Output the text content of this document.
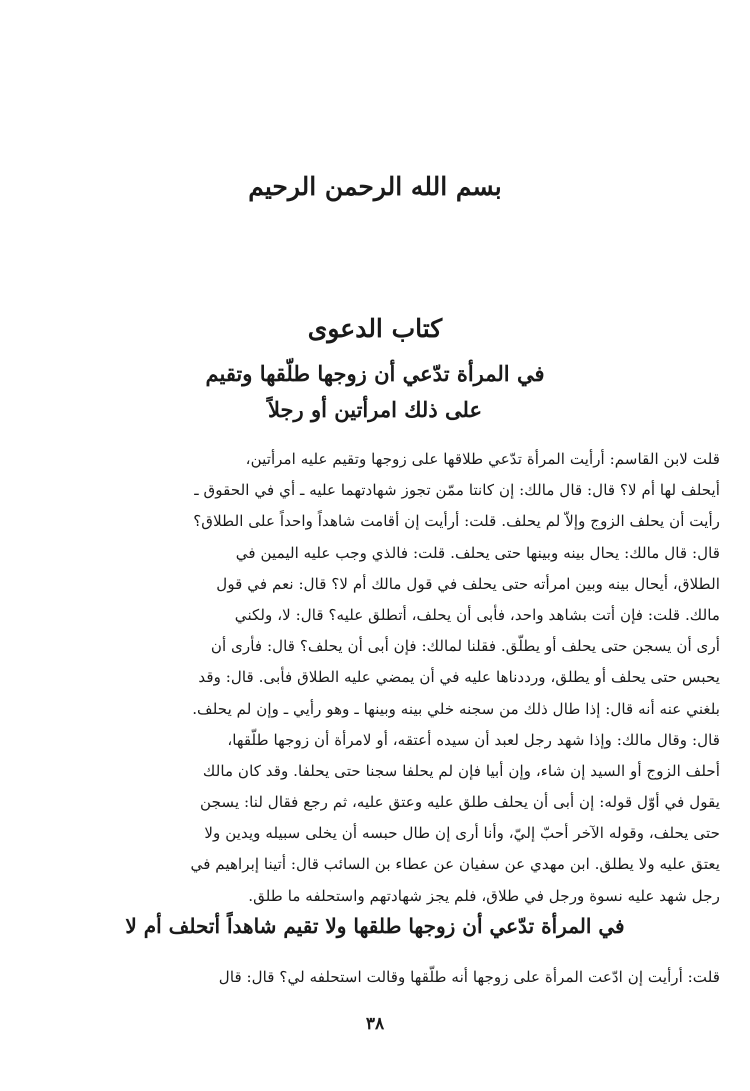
بسم الله الرحمن الرحيم
كتاب الدعوى
في المرأة تدّعي أن زوجها طلّقها وتقيم
على ذلك امرأتين أو رجلاً
قلت لابن القاسم: أرأيت المرأة تدّعي طلاقها على زوجها وتقيم عليه امرأتين،
أيحلف لها أم لا؟ قال: قال مالك: إن كانتا ممّن تجوز شهادتهما عليه ـ أي في الحقوق ـ
رأيت أن يحلف الزوج وإلاّ لم يحلف. قلت: أرأيت إن أقامت شاهداً واحداً على الطلاق؟
قال: قال مالك: يحال بينه وبينها حتى يحلف. قلت: فالذي وجب عليه اليمين في
الطلاق، أيحال بينه وبين امرأته حتى يحلف في قول مالك أم لا؟ قال: نعم في قول
مالك. قلت: فإن أتت بشاهد واحد، فأبى أن يحلف، أتطلق عليه؟ قال: لا، ولكني
أرى أن يسجن حتى يحلف أو يطلّق. فقلنا لمالك: فإن أبى أن يحلف؟ قال: فأرى أن
يحبس حتى يحلف أو يطلق، ورددناها عليه في أن يمضي عليه الطلاق فأبى. قال: وقد
بلغني عنه أنه قال: إذا طال ذلك من سجنه خلي بينه وبينها ـ وهو رأيي ـ وإن لم يحلف.
قال: وقال مالك: وإذا شهد رجل لعبد أن سيده أعتقه، أو لامرأة أن زوجها طلّقها،
أحلف الزوج أو السيد إن شاء، وإن أبيا فإن لم يحلفا سجنا حتى يحلفا. وقد كان مالك
يقول في أوّل قوله: إن أبى أن يحلف طلق عليه وعتق عليه، ثم رجع فقال لنا: يسجن
حتى يحلف، وقوله الآخر أحبّ إليّ، وأنا أرى إن طال حبسه أن يخلى سبيله ويدين ولا
يعتق عليه ولا يطلق. ابن مهدي عن سفيان عن عطاء بن السائب قال: أتينا إبراهيم في
رجل شهد عليه نسوة ورجل في طلاق، فلم يجز شهادتهم واستحلفه ما طلق.
في المرأة تدّعي أن زوجها طلقها ولا تقيم شاهداً أتحلف أم لا
قلت: أرأيت إن ادّعت المرأة على زوجها أنه طلّقها وقالت استحلفه لي؟ قال: قال
٣٨
